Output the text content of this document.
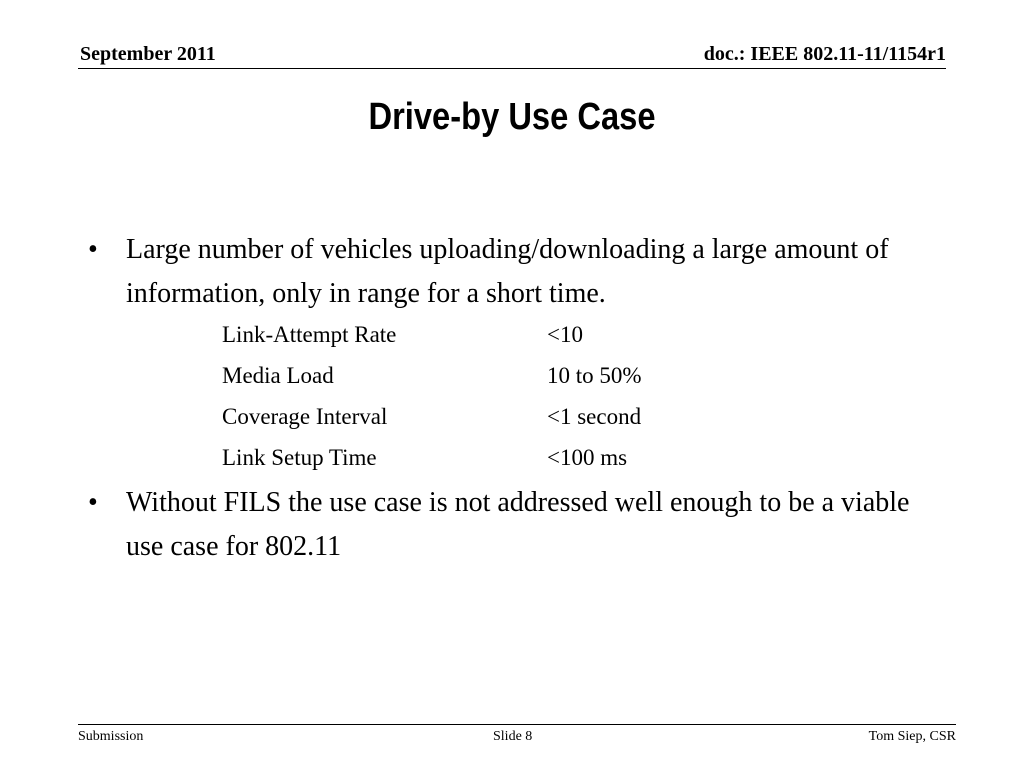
September 2011	doc.: IEEE 802.11-11/1154r1
Drive-by Use Case
•	Large number of vehicles uploading/downloading a large amount of information, only in range for a short time.
Link-Attempt Rate	<10
Media Load	10 to 50%
Coverage Interval	<1 second
Link Setup Time	<100 ms
•	Without FILS the use case is not addressed well enough to be a viable use case for 802.11
Submission	Slide 8	Tom Siep, CSR
